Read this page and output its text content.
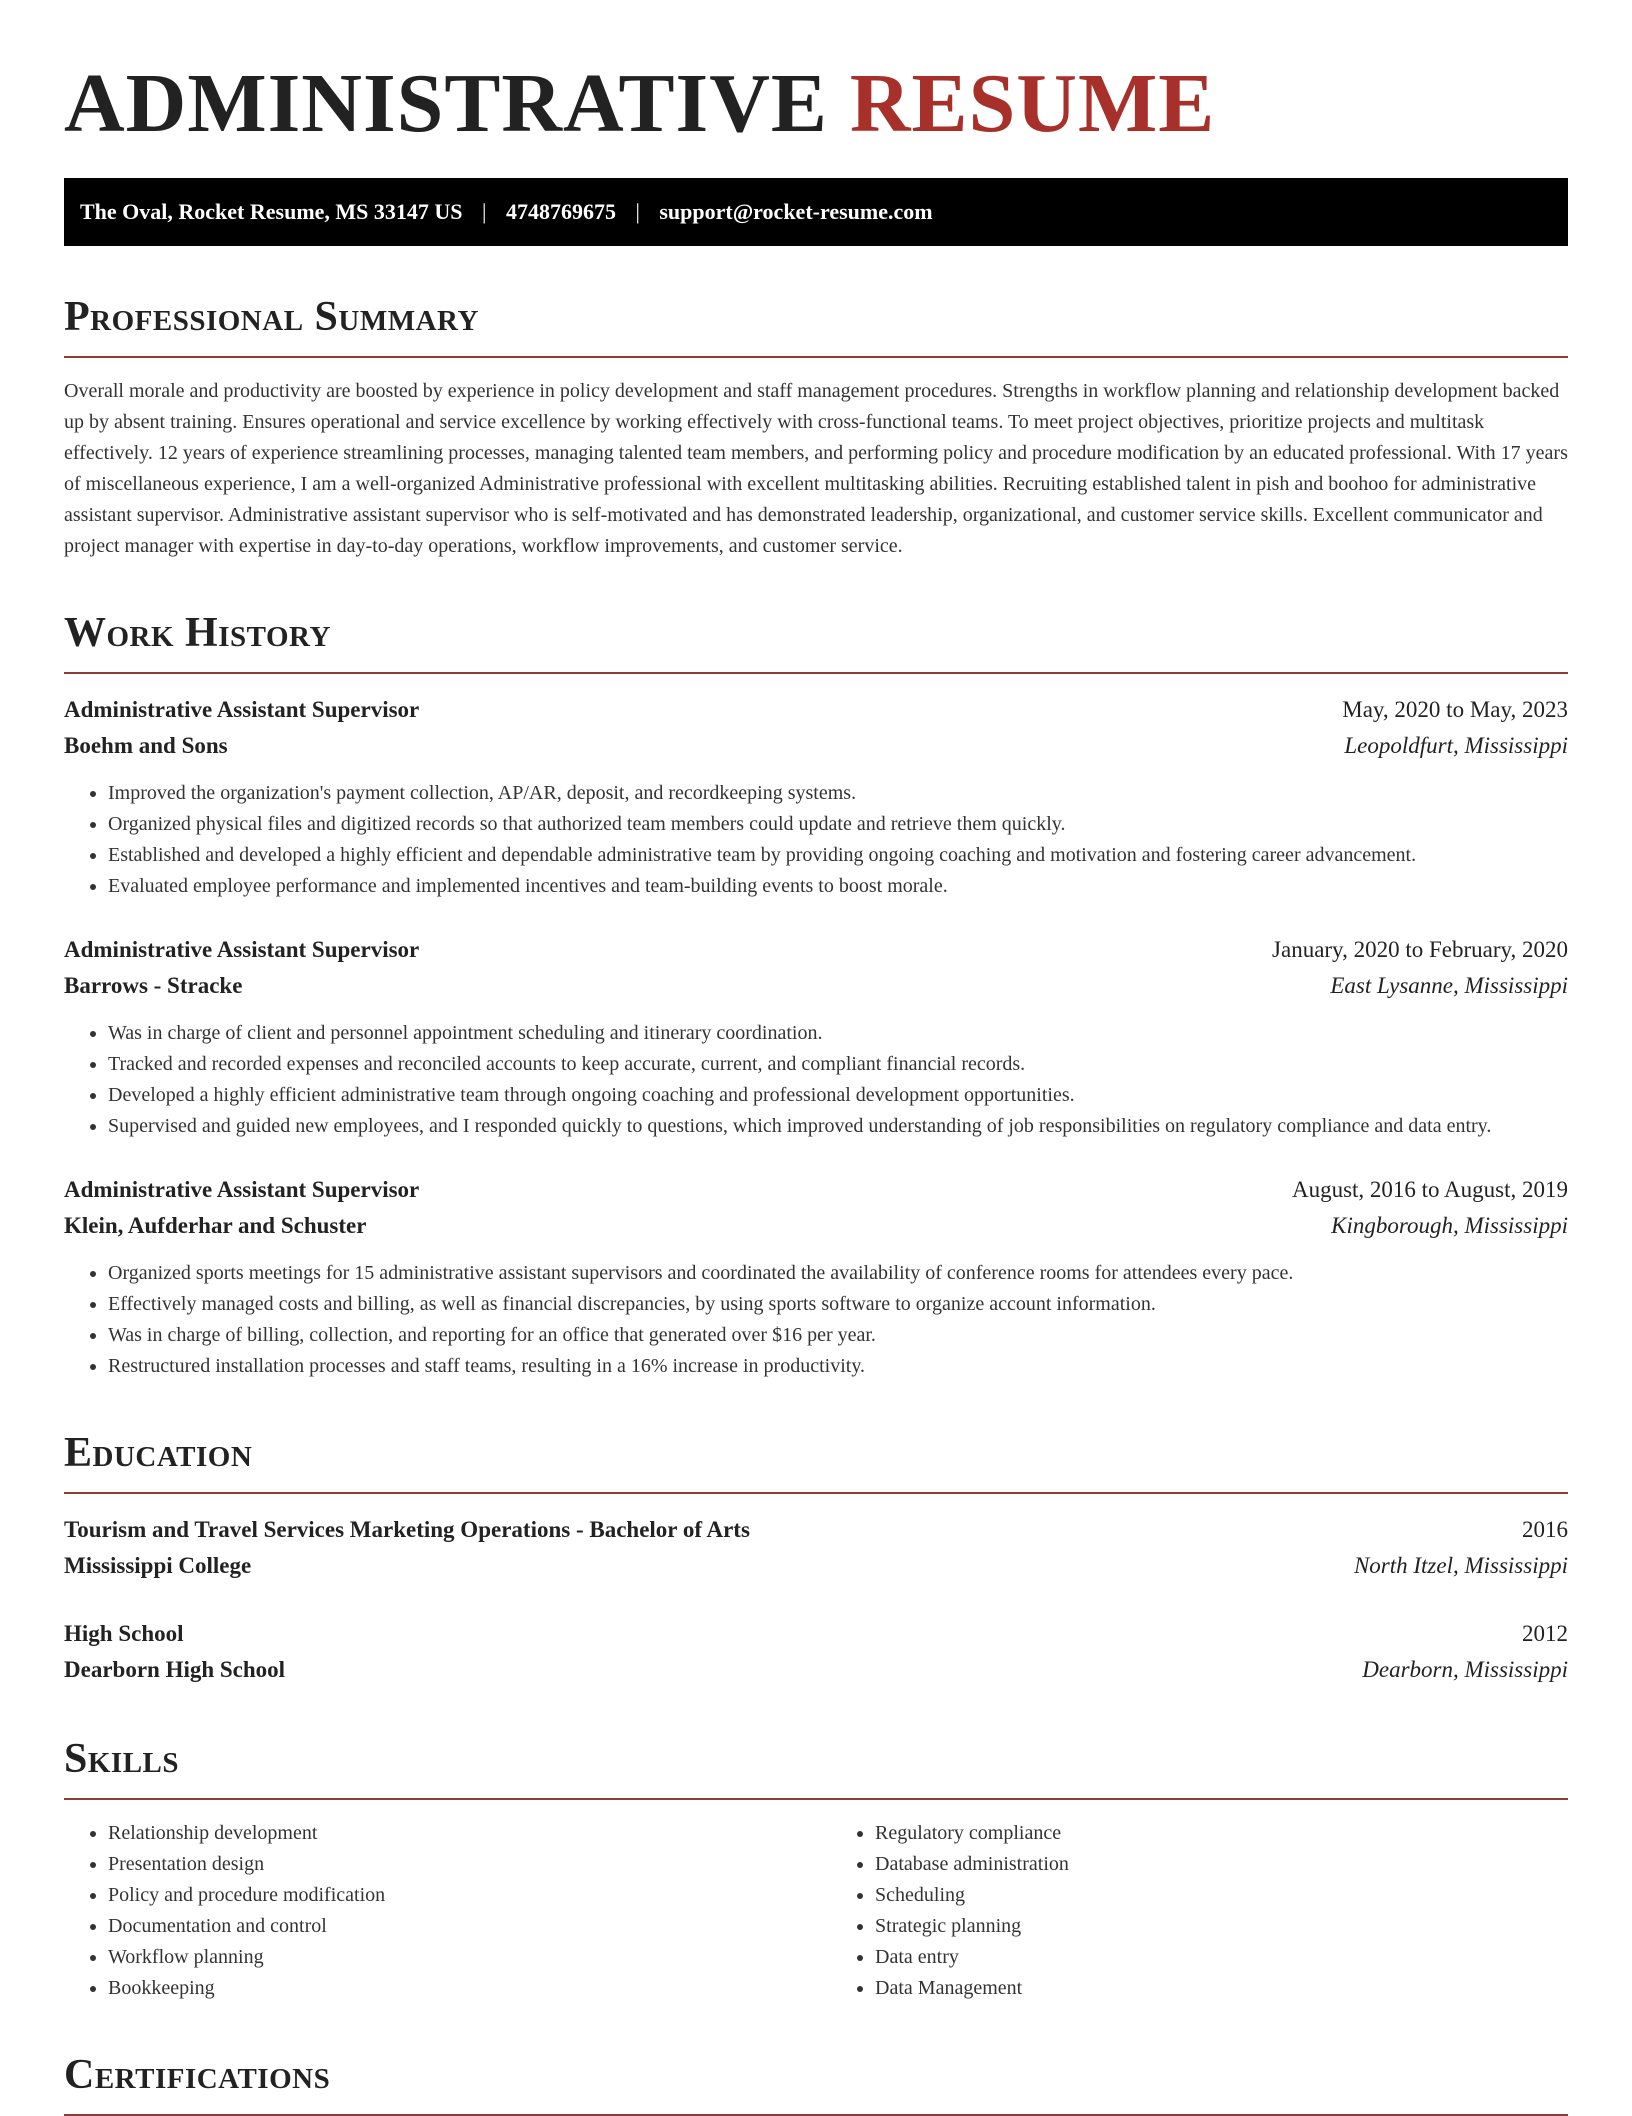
ADMINISTRATIVE RESUME
The Oval, Rocket Resume, MS 33147 US | 4748769675 | support@rocket-resume.com
Professional Summary

Overall morale and productivity are boosted by experience in policy development and staff management procedures. Strengths in workflow planning and relationship development backed up by absent training. Ensures operational and service excellence by working effectively with cross-functional teams. To meet project objectives, prioritize projects and multitask effectively. 12 years of experience streamlining processes, managing talented team members, and performing policy and procedure modification by an educated professional. With 17 years of miscellaneous experience, I am a well-organized Administrative professional with excellent multitasking abilities. Recruiting established talent in pish and boohoo for administrative assistant supervisor. Administrative assistant supervisor who is self-motivated and has demonstrated leadership, organizational, and customer service skills. Excellent communicator and project manager with expertise in day-to-day operations, workflow improvements, and customer service.

Work History
Administrative Assistant Supervisor	May, 2020 to May, 2023
Boehm and Sons	Leopoldfurt, Mississippi
• Improved the organization's payment collection, AP/AR, deposit, and recordkeeping systems.
• Organized physical files and digitized records so that authorized team members could update and retrieve them quickly.
• Established and developed a highly efficient and dependable administrative team by providing ongoing coaching and motivation and fostering career advancement.
• Evaluated employee performance and implemented incentives and team-building events to boost morale.
Administrative Assistant Supervisor	January, 2020 to February, 2020
Barrows - Stracke	East Lysanne, Mississippi
• Was in charge of client and personnel appointment scheduling and itinerary coordination.
• Tracked and recorded expenses and reconciled accounts to keep accurate, current, and compliant financial records.
• Developed a highly efficient administrative team through ongoing coaching and professional development opportunities.
• Supervised and guided new employees, and I responded quickly to questions, which improved understanding of job responsibilities on regulatory compliance and data entry.
Administrative Assistant Supervisor	August, 2016 to August, 2019
Klein, Aufderhar and Schuster	Kingborough, Mississippi
• Organized sports meetings for 15 administrative assistant supervisors and coordinated the availability of conference rooms for attendees every pace.
• Effectively managed costs and billing, as well as financial discrepancies, by using sports software to organize account information.
• Was in charge of billing, collection, and reporting for an office that generated over $16 per year.
• Restructured installation processes and staff teams, resulting in a 16% increase in productivity.
Education
Tourism and Travel Services Marketing Operations - Bachelor of Arts	2016
Mississippi College	North Itzel, Mississippi
High School	2012
Dearborn High School	Dearborn, Mississippi
Skills
• Relationship development
• Presentation design
• Policy and procedure modification
• Documentation and control
• Workflow planning
• Bookkeeping
• Regulatory compliance
• Database administration
• Scheduling
• Strategic planning
• Data entry
• Data Management
Certifications
